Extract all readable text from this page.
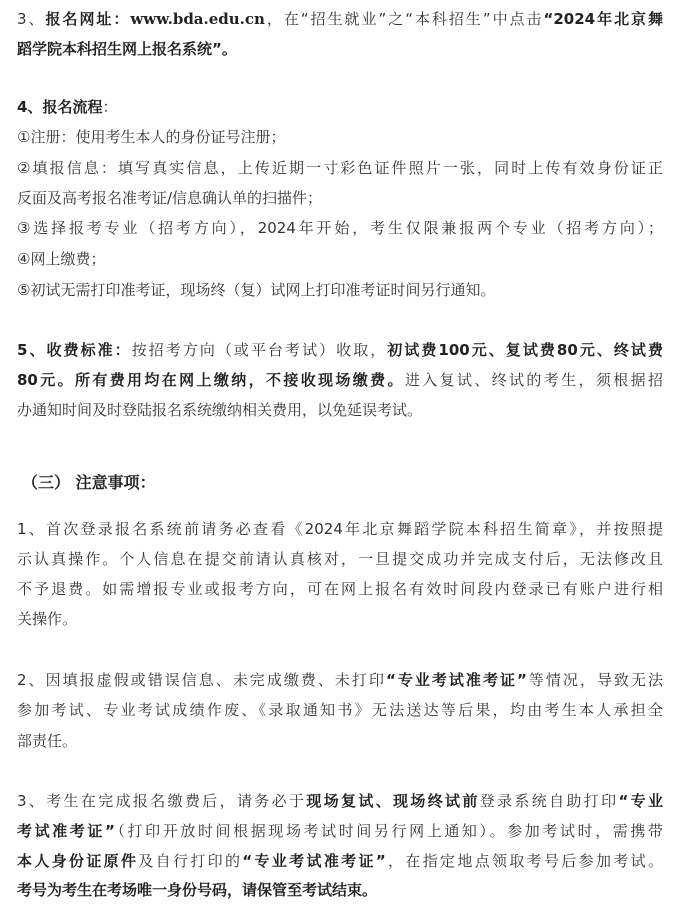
3、报名网址：www.bda.edu.cn，在“招生就业”之“本科招生”中点击“2024年北京舞
蹈学院本科招生网上报名系统”。
4、报名流程：
①注册：使用考生本人的身份证号注册；
②填报信息：填写真实信息，上传近期一寸彩色证件照片一张，同时上传有效身份证正
反面及高考报名准考证/信息确认单的扫描件；
③选择报考专业（招考方向），2024年开始，考生仅限兼报两个专业（招考方向）；
④网上缴费；
⑤初试无需打印准考证，现场终（复）试网上打印准考证时间另行通知。
5、收费标准：按招考方向（或平台考试）收取，初试费100元、复试费80元、终试费
80元。所有费用均在网上缴纳，不接收现场缴费。进入复试、终试的考生，须根据招
办通知时间及时登陆报名系统缴纳相关费用，以免延误考试。
（三） 注意事项：
1、首次登录报名系统前请务必查看《2024年北京舞蹈学院本科招生简章》，并按照提
示认真操作。个人信息在提交前请认真核对，一旦提交成功并完成支付后，无法修改且
不予退费。如需增报专业或报考方向，可在网上报名有效时间段内登录已有账户进行相
关操作。
2、因填报虚假或错误信息、未完成缴费、未打印“专业考试准考证”等情况，导致无法
参加考试、专业考试成绩作废、《录取通知书》无法送达等后果，均由考生本人承担全
部责任。
3、考生在完成报名缴费后，请务必于现场复试、现场终试前登录系统自助打印“专业
考试准考证”（打印开放时间根据现场考试时间另行网上通知）。参加考试时，需携带
本人身份证原件及自行打印的“专业考试准考证”，在指定地点领取考号后参加考试。
考号为考生在考场唯一身份号码，请保管至考试结束。
